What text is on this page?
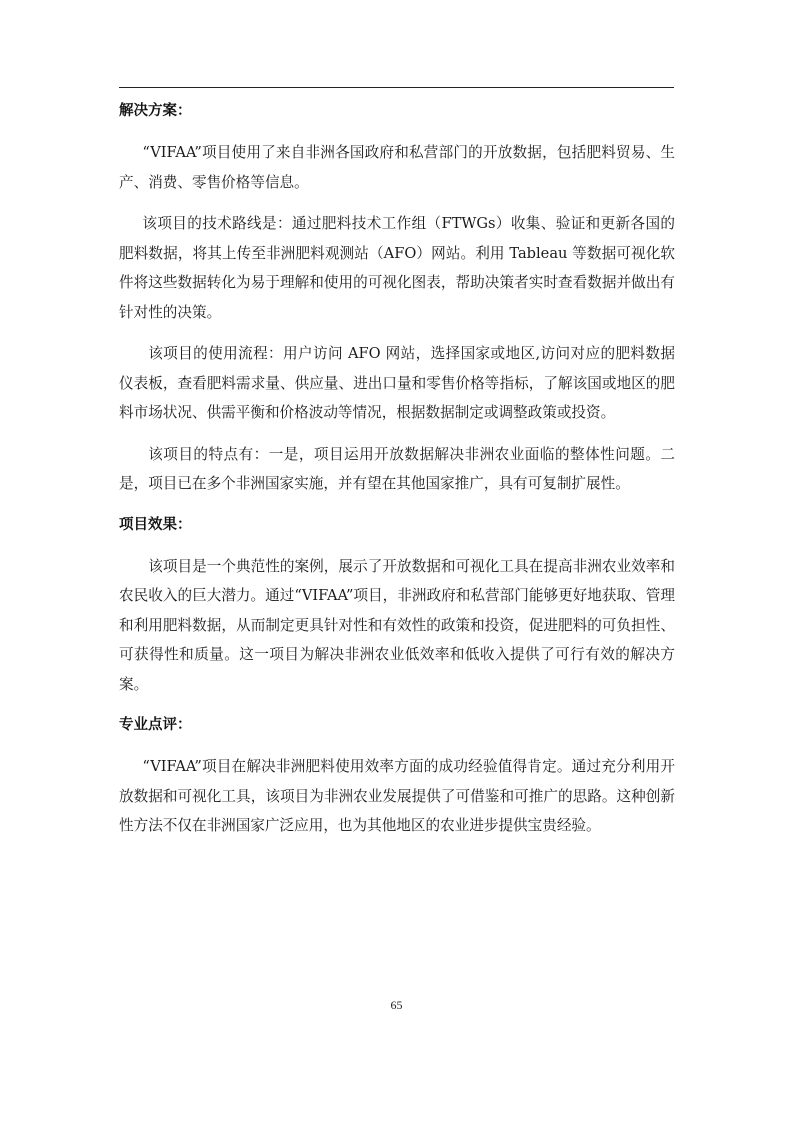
解决方案：

“VIFAA”项目使用了来自非洲各国政府和私营部门的开放数据，包括肥料贸易、生产、消费、零售价格等信息。

该项目的技术路线是：通过肥料技术工作组（FTWGs）收集、验证和更新各国的肥料数据，将其上传至非洲肥料观测站（AFO）网站。利用 Tableau 等数据可视化软件将这些数据转化为易于理解和使用的可视化图表，帮助决策者实时查看数据并做出有针对性的决策。

该项目的使用流程：用户访问 AFO 网站，选择国家或地区,访问对应的肥料数据仪表板，查看肥料需求量、供应量、进出口量和零售价格等指标，了解该国或地区的肥料市场状况、供需平衡和价格波动等情况，根据数据制定或调整政策或投资。

该项目的特点有：一是，项目运用开放数据解决非洲农业面临的整体性问题。二是，项目已在多个非洲国家实施，并有望在其他国家推广，具有可复制扩展性。

项目效果：

该项目是一个典范性的案例，展示了开放数据和可视化工具在提高非洲农业效率和农民收入的巨大潜力。通过“VIFAA”项目，非洲政府和私营部门能够更好地获取、管理和利用肥料数据，从而制定更具针对性和有效性的政策和投资，促进肥料的可负担性、可获得性和质量。这一项目为解决非洲农业低效率和低收入提供了可行有效的解决方案。

专业点评：

“VIFAA”项目在解决非洲肥料使用效率方面的成功经验值得肯定。通过充分利用开放数据和可视化工具，该项目为非洲农业发展提供了可借鉴和可推广的思路。这种创新性方法不仅在非洲国家广泛应用，也为其他地区的农业进步提供宝贵经验。

65
